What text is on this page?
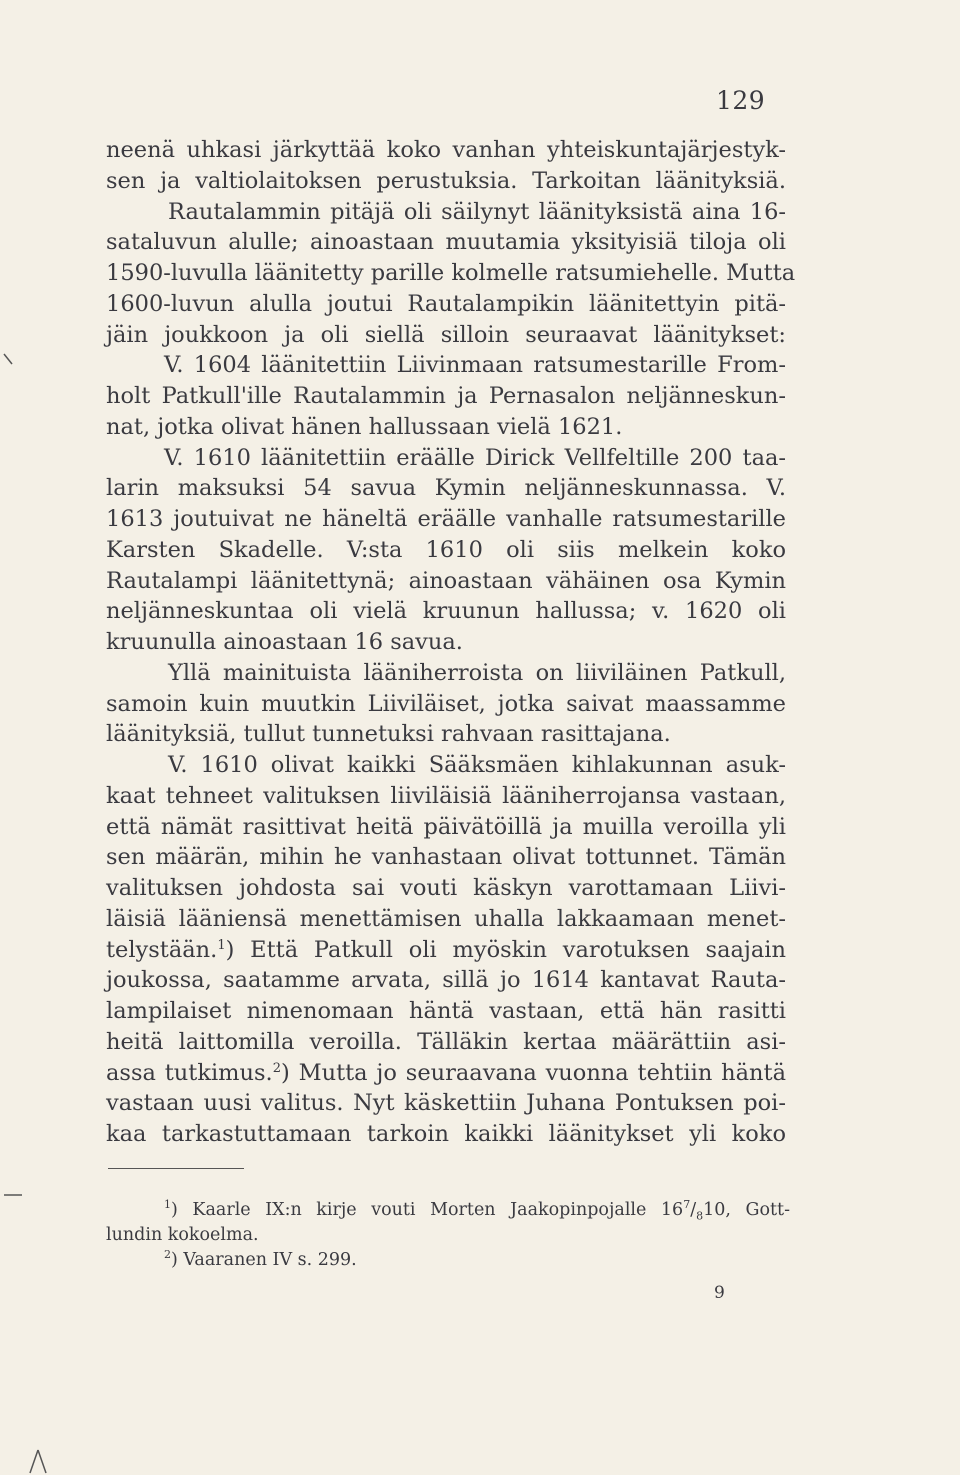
129
neenä uhkasi järkyttää koko vanhan yhteiskuntajärjestyk-
sen ja valtiolaitoksen perustuksia. Tarkoitan läänityksiä.
Rautalammin pitäjä oli säilynyt läänityksistä aina 16-
sataluvun alulle; ainoastaan muutamia yksityisiä tiloja oli
1590-luvulla läänitetty parille kolmelle ratsumiehelle. Mutta
1600-luvun alulla joutui Rautalampikin läänitettyin pitä-
jäin joukkoon ja oli siellä silloin seuraavat läänitykset:
V. 1604 läänitettiin Liivinmaan ratsumestarille From-
holt Patkull'ille Rautalammin ja Pernasalon neljänneskun-
nat, jotka olivat hänen hallussaan vielä 1621.
V. 1610 läänitettiin eräälle Dirick Vellfeltille 200 taa-
larin maksuksi 54 savua Kymin neljänneskunnassa. V.
1613 joutuivat ne häneltä eräälle vanhalle ratsumestarille
Karsten Skadelle. V:sta 1610 oli siis melkein koko
Rautalampi läänitettynä; ainoastaan vähäinen osa Kymin
neljänneskuntaa oli vielä kruunun hallussa; v. 1620 oli
kruunulla ainoastaan 16 savua.
Yllä mainituista lääniherroista on liiviläinen Patkull,
samoin kuin muutkin Liiviläiset, jotka saivat maassamme
läänityksiä, tullut tunnetuksi rahvaan rasittajana.
V. 1610 olivat kaikki Sääksmäen kihlakunnan asuk-
kaat tehneet valituksen liiviläisiä lääniherrojansa vastaan,
että nämät rasittivat heitä päivätöillä ja muilla veroilla yli
sen määrän, mihin he vanhastaan olivat tottunnet. Tämän
valituksen johdosta sai vouti käskyn varottamaan Liivi-
läisiä lääniensä menettämisen uhalla lakkaamaan menet-
telystään.$^1$) Että Patkull oli myöskin varotuksen saajain
joukossa, saatamme arvata, sillä jo 1614 kantavat Rauta-
lampilaiset nimenomaan häntä vastaan, että hän rasitti
heitä laittomilla veroilla. Tälläkin kertaa määrättiin asi-
assa tutkimus.$^2$) Mutta jo seuraavana vuonna tehtiin häntä
vastaan uusi valitus. Nyt käskettiin Juhana Pontuksen poi-
kaa tarkastuttamaan tarkoin kaikki läänitykset yli koko
$^1$) Kaarle IX:n kirje vouti Morten Jaakopinpojalle $16^7/_810$, Gott-
lundin kokoelma.
$^2$) Vaaranen IV s. 299.
9
